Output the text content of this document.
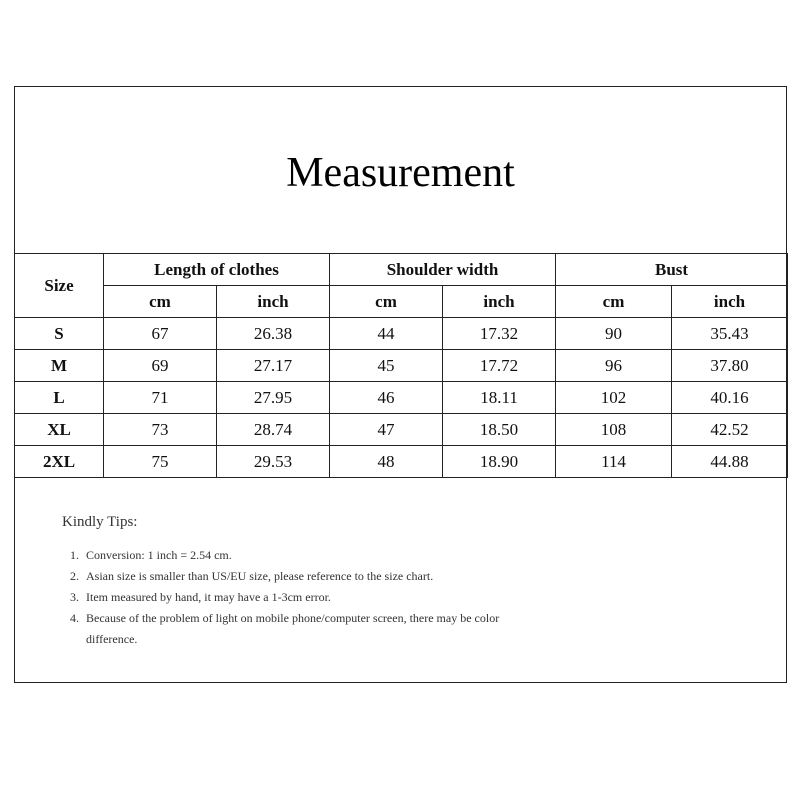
Measurement
Size	Length of clothes		Shoulder width		Bust	
	cm	inch	cm	inch	cm	inch
S	67	26.38	44	17.32	90	35.43
M	69	27.17	45	17.72	96	37.80
L	71	27.95	46	18.11	102	40.16
XL	73	28.74	47	18.50	108	42.52
2XL	75	29.53	48	18.90	114	44.88
Kindly Tips:
1. Conversion: 1 inch = 2.54 cm.
2. Asian size is smaller than US/EU size, please reference to the size chart.
3. Item measured by hand, it may have a 1-3cm error.
4. Because of the problem of light on mobile phone/computer screen, there may be color difference.
